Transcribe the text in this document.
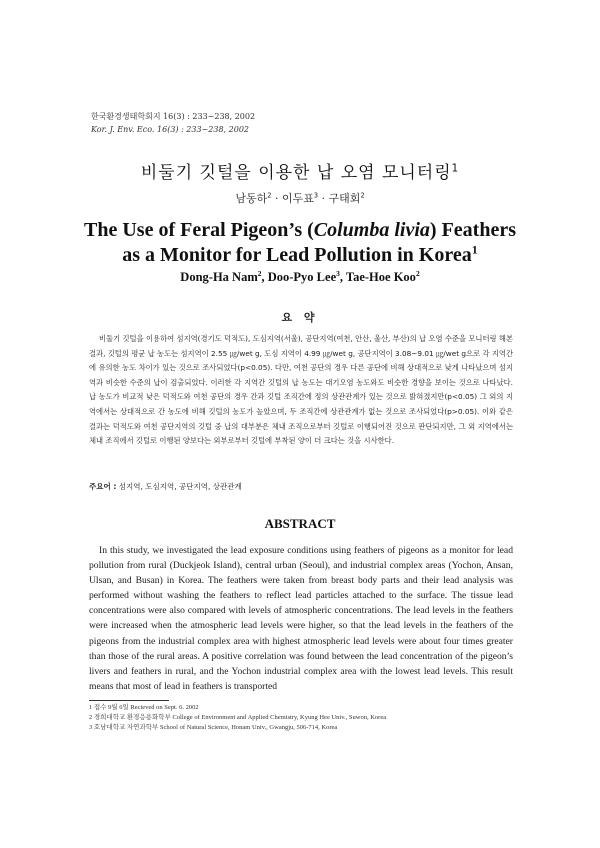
한국환경생태학회지 16(3) : 233~238, 2002
Kor. J. Env. Eco. 16(3) : 233~238, 2002
비둘기 깃털을 이용한 납 오염 모니터링$^1$
남동하$^2$ · 이두표$^3$ · 구태회$^2$
The Use of Feral Pigeon’s (Columba livia) Feathers
as a Monitor for Lead Pollution in Korea$^1$
Dong-Ha Nam$^2$, Doo-Pyo Lee$^3$, Tae-Hoe Koo$^2$
요 약
비둘기 깃털을 이용하여 섬지역(경기도 덕적도), 도심지역(서울), 공단지역(여천, 안산, 울산, 부산)의 납 오염 수준을 모니터링 해본 결과, 깃털의 평균 납 농도는 섬지역이 2.55 ㎍/wet g, 도심 지역이 4.99 ㎍/wet g, 공단지역이 3.08~9.01 ㎍/wet g으로 각 지역간에 유의한 농도 차이가 있는 것으로 조사되었다(p<0.05). 다만, 여천 공단의 경우 다른 공단에 비해 상대적으로 낮게 나타났으며 섬지역과 비슷한 수준의 납이 검출되었다. 이러한 각 지역간 깃털의 납 농도는 대기오염 농도와도 비슷한 경향을 보이는 것으로 나타났다. 납 농도가 비교적 낮은 덕적도와 여천 공단의 경우 간과 깃털 조직간에 정의 상관관계가 있는 것으로 밝혀졌지만(p<0.05) 그 외의 지역에서는 상대적으로 간 농도에 비해 깃털의 농도가 높았으며, 두 조직간에 상관관계가 없는 것으로 조사되었다(p>0.05). 이와 같은 결과는 덕적도와 여천 공단지역의 깃털 중 납의 대부분은 체내 조직으로부터 깃털로 이행되어진 것으로 판단되지만, 그 외 지역에서는 체내 조직에서 깃털로 이행된 양보다는 외부로부터 깃털에 부착된 양이 더 크다는 것을 시사한다.
주요어 : 섬지역, 도심지역, 공단지역, 상관관계
ABSTRACT
In this study, we investigated the lead exposure conditions using feathers of pigeons as a monitor for lead pollution from rural (Duckjeok Island), central urban (Seoul), and industrial complex areas (Yochon, Ansan, Ulsan, and Busan) in Korea. The feathers were taken from breast body parts and their lead analysis was performed without washing the feathers to reflect lead particles attached to the surface. The tissue lead concentrations were also compared with levels of atmospheric concentrations. The lead levels in the feathers were increased when the atmospheric lead levels were higher, so that the lead levels in the feathers of the pigeons from the industrial complex area with highest atmospheric lead levels were about four times greater than those of the rural areas. A positive correlation was found between the lead concentration of the pigeon’s livers and feathers in rural, and the Yochon industrial complex area with the lowest lead levels. This result means that most of lead in feathers is transported
1 접수 9월 6일 Recieved on Sept. 6. 2002
2 경희대학교 환경응용화학부 College of Environment and Applied Chemistry, Kyung Hee Univ., Suwon, Korea
3 호남대학교 자연과학부 School of Natural Science, Honam Univ., Gwangju, 506-714, Korea
